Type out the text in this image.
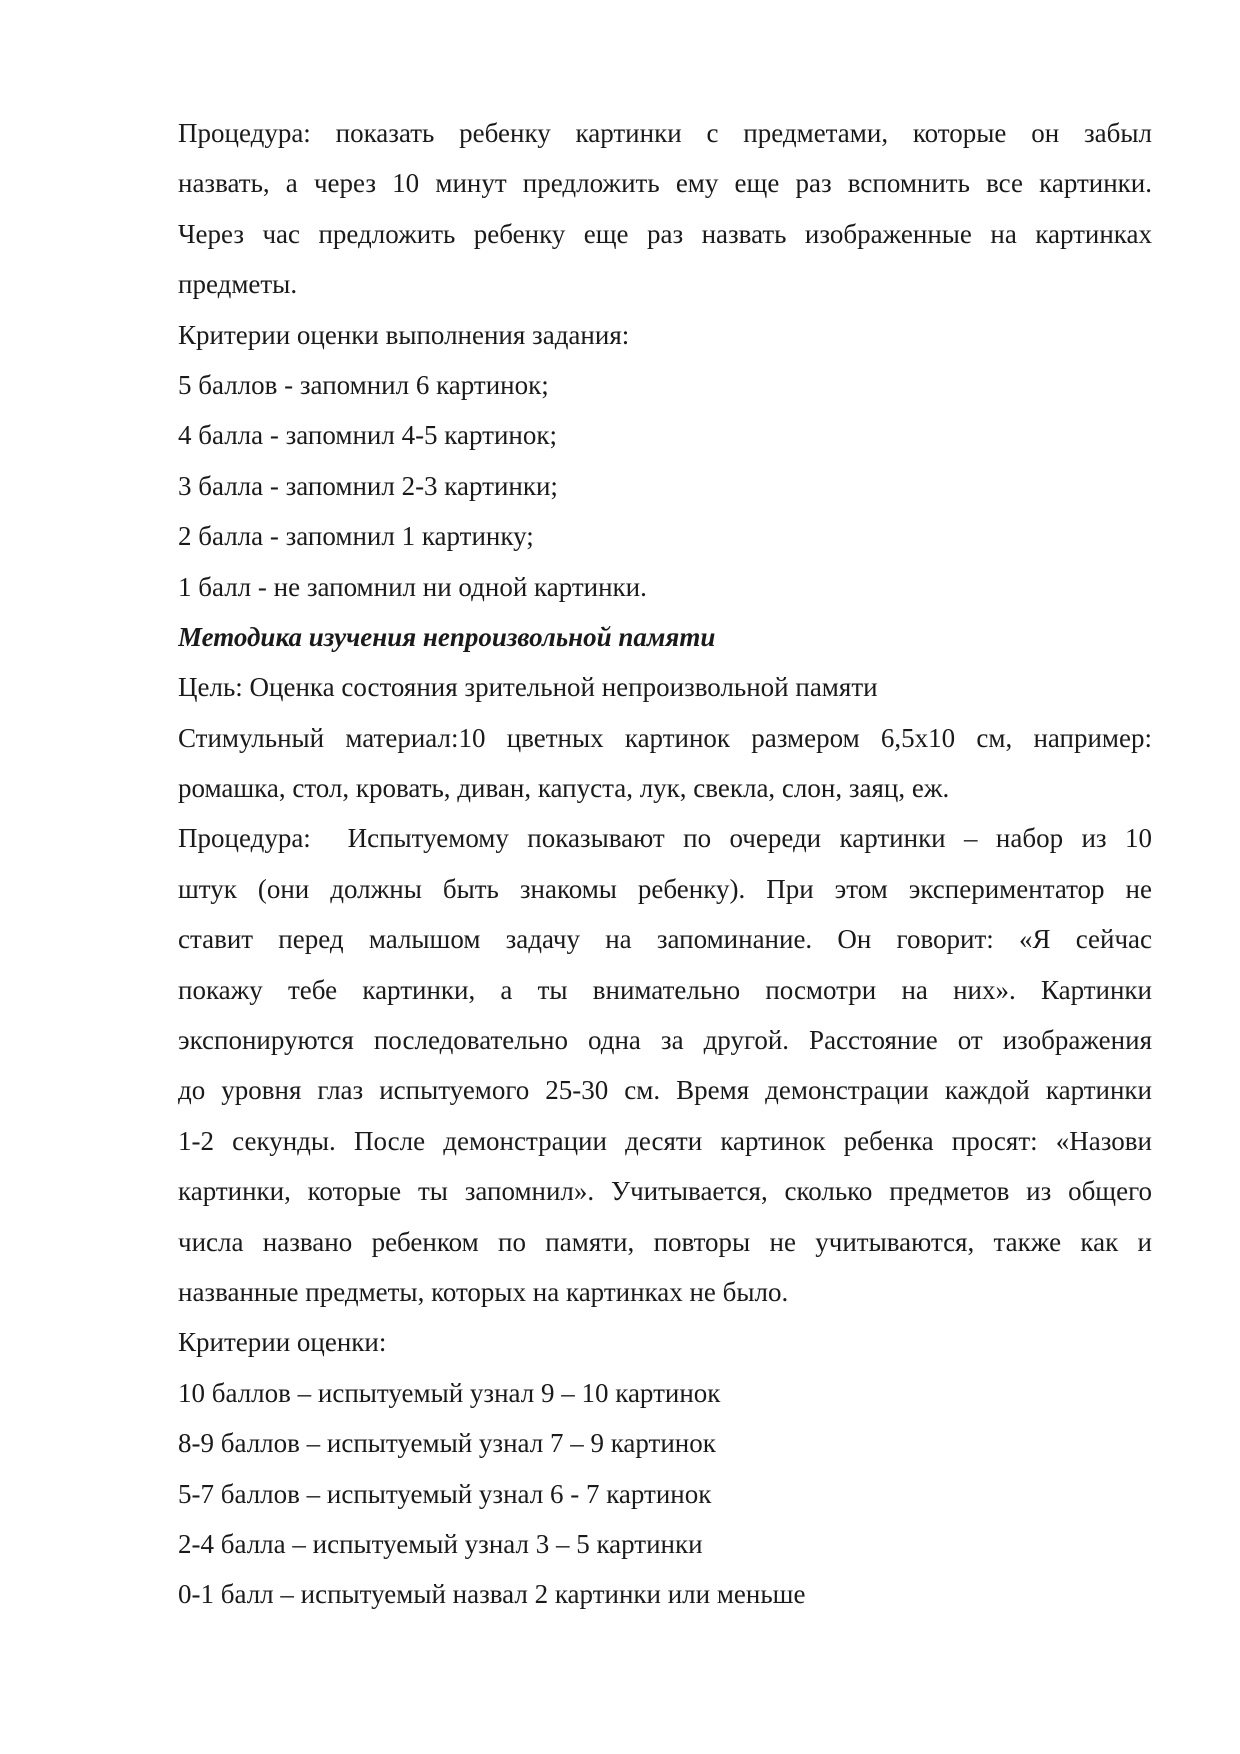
Процедура: показать ребенку картинки с предметами, которые он забыл
назвать, а через 10 минут предложить ему еще раз вспомнить все картинки.
Через час предложить ребенку еще раз назвать изображенные на картинках
предметы.
Критерии оценки выполнения задания:
5 баллов - запомнил 6 картинок;
4 балла - запомнил 4-5 картинок;
3 балла - запомнил 2-3 картинки;
2 балла - запомнил 1 картинку;
1 балл - не запомнил ни одной картинки.
Методика изучения непроизвольной памяти
Цель: Оценка состояния зрительной непроизвольной памяти
Стимульный материал:10 цветных картинок размером 6,5х10 см, например:
ромашка, стол, кровать, диван, капуста, лук, свекла, слон, заяц, еж.
Процедура:  Испытуемому показывают по очереди картинки – набор из 10
штук (они должны быть знакомы ребенку). При этом экспериментатор не
ставит перед малышом задачу на запоминание. Он говорит: «Я сейчас
покажу тебе картинки, а ты внимательно посмотри на них». Картинки
экспонируются последовательно одна за другой. Расстояние от изображения
до уровня глаз испытуемого 25-30 см. Время демонстрации каждой картинки
1-2 секунды. После демонстрации десяти картинок ребенка просят: «Назови
картинки, которые ты запомнил». Учитывается, сколько предметов из общего
числа названо ребенком по памяти, повторы не учитываются, также как и
названные предметы, которых на картинках не было.
Критерии оценки:
10 баллов – испытуемый узнал 9 – 10 картинок
8-9 баллов – испытуемый узнал 7 – 9 картинок
5-7 баллов – испытуемый узнал 6 - 7 картинок
2-4 балла – испытуемый узнал 3 – 5 картинки
0-1 балл – испытуемый назвал 2 картинки или меньше
